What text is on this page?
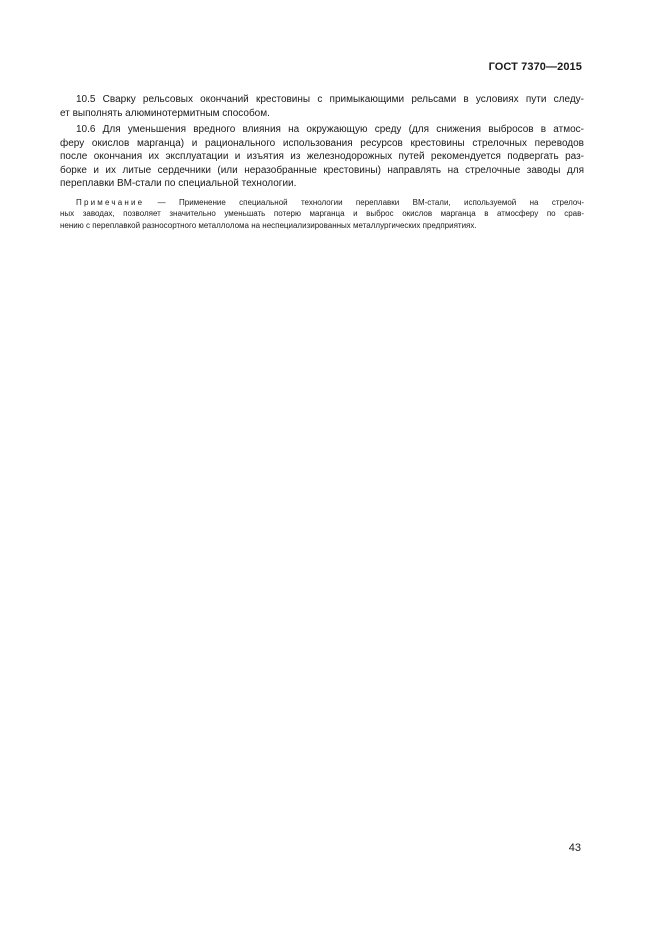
ГОСТ 7370—2015
10.5 Сварку рельсовых окончаний крестовины с примыкающими рельсами в условиях пути следу-
ет выполнять алюминотермитным способом.
10.6 Для уменьшения вредного влияния на окружающую среду (для снижения выбросов в атмос-
феру окислов марганца) и рационального использования ресурсов крестовины стрелочных переводов
после окончания их эксплуатации и изъятия из железнодорожных путей рекомендуется подвергать раз-
борке и их литые сердечники (или неразобранные крестовины) направлять на стрелочные заводы для
переплавки ВМ-стали по специальной технологии.
Примечание — Применение специальной технологии переплавки ВМ-стали, используемой на стрелоч-
ных заводах, позволяет значительно уменьшать потерю марганца и выброс окислов марганца в атмосферу по срав-
нению с переплавкой разносортного металлолома на неспециализированных металлургических предприятиях.
43
